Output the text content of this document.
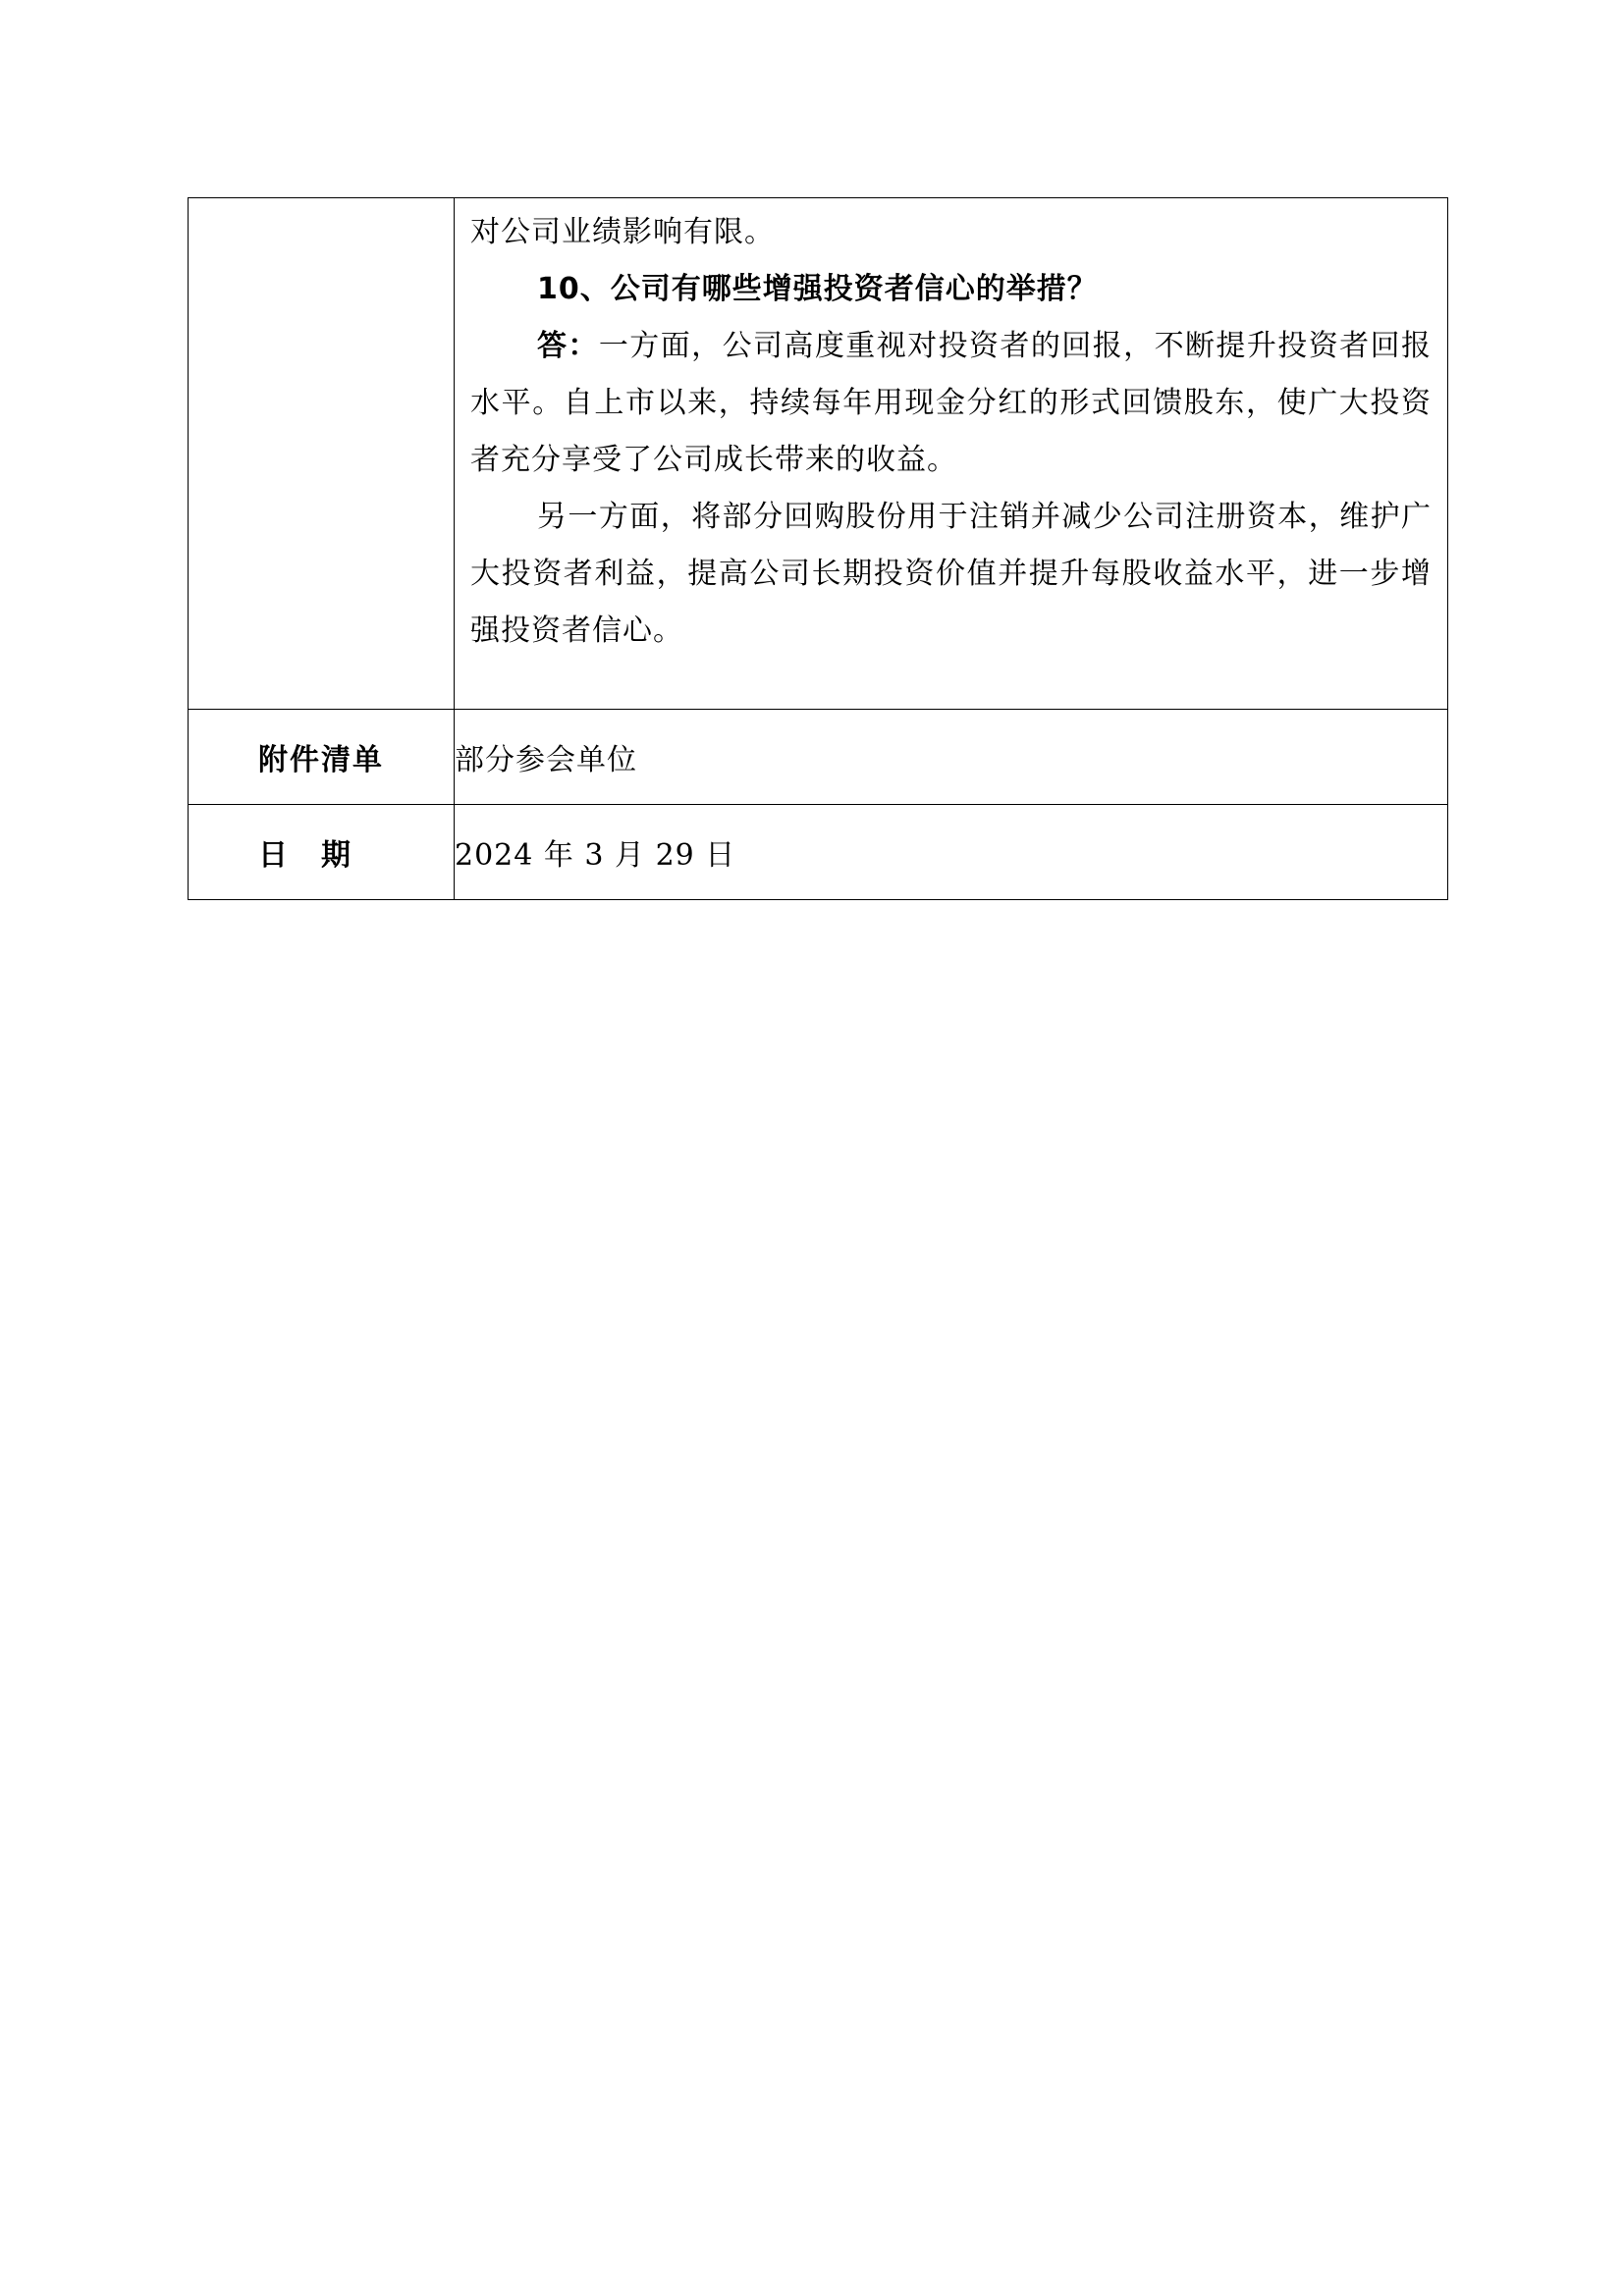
	对公司业绩影响有限。

10、公司有哪些增强投资者信心的举措？

答：一方面，公司高度重视对投资者的回报，不断提升投资者回报水平。自上市以来，持续每年用现金分红的形式回馈股东，使广大投资者充分享受了公司成长带来的收益。

另一方面，将部分回购股份用于注销并减少公司注册资本，维护广大投资者利益，提高公司长期投资价值并提升每股收益水平，进一步增强投资者信心。

附件清单	部分参会单位
日期	2024 年 3 月 29 日
